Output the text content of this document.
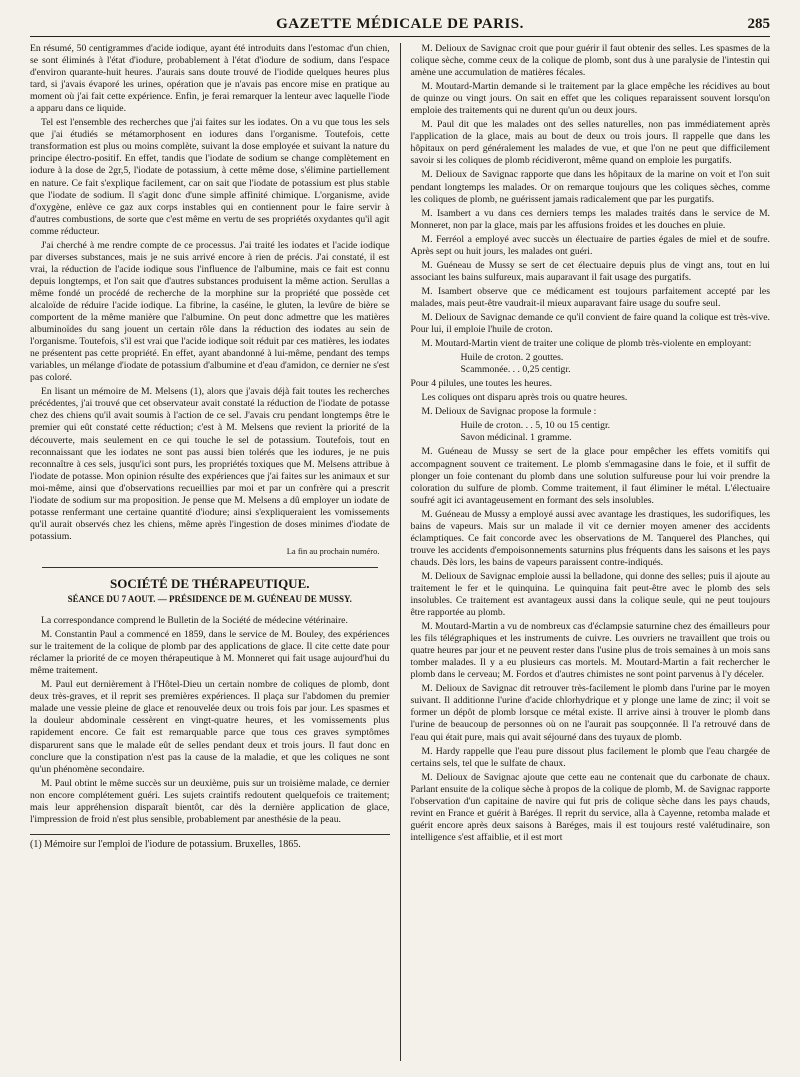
GAZETTE MÉDICALE DE PARIS.	285

En résumé, 50 centigrammes d'acide iodique, ayant été introduits dans l'estomac d'un chien, se sont éliminés à l'état d'iodure, probablement à l'état d'iodure de sodium, dans l'espace d'environ quarante-huit heures. J'aurais sans doute trouvé de l'iodide quelques heures plus tard, si j'avais évaporé les urines, opération que je n'avais pas encore mise en pratique au moment où j'ai fait cette expérience. Enfin, je ferai remarquer la lenteur avec laquelle l'iode a apparu dans ce liquide.

Tel est l'ensemble des recherches que j'ai faites sur les iodates. On a vu que tous les sels que j'ai étudiés se métamorphosent en iodures dans l'organisme. Toutefois, cette transformation est plus ou moins complète, suivant la dose employée et suivant la nature du principe électro-positif. En effet, tandis que l'iodate de sodium se change complètement en iodure à la dose de 2gr,5, l'iodate de potassium, à cette même dose, s'élimine partiellement en nature. Ce fait s'explique facilement, car on sait que l'iodate de potassium est plus stable que l'iodate de sodium. Il s'agit donc d'une simple affinité chimique. L'organisme, avide d'oxygène, enlève ce gaz aux corps instables qui en contiennent pour le faire servir à d'autres combustions, de sorte que c'est même en vertu de ses propriétés oxydantes qu'il agit comme réducteur.

J'ai cherché à me rendre compte de ce processus. J'ai traité les iodates et l'acide iodique par diverses substances, mais je ne suis arrivé encore à rien de précis. J'ai constaté, il est vrai, la réduction de l'acide iodique sous l'influence de l'albumine, mais ce fait est connu depuis longtemps, et l'on sait que d'autres substances produisent la même action. Serullas a même fondé un procédé de recherche de la morphine sur la propriété que possède cet alcaloïde de réduire l'acide iodique. La fibrine, la caséine, le gluten, la levûre de bière se comportent de la même manière que l'albumine. On peut donc admettre que les matières albuminoïdes du sang jouent un certain rôle dans la réduction des iodates au sein de l'organisme. Toutefois, s'il est vrai que l'acide iodique soit réduit par ces matières, les iodates ne présentent pas cette propriété. En effet, ayant abandonné à lui-même, pendant des temps variables, un mélange d'iodate de potassium d'albumine et d'eau d'amidon, ce dernier ne s'est pas coloré.

En lisant un mémoire de M. Melsens (1), alors que j'avais déjà fait toutes les recherches précédentes, j'ai trouvé que cet observateur avait constaté la réduction de l'iodate de potasse chez des chiens qu'il avait soumis à l'action de ce sel. J'avais cru pendant longtemps être le premier qui eût constaté cette réduction; c'est à M. Melsens que revient la priorité de la découverte, mais seulement en ce qui touche le sel de potassium. Toutefois, tout en reconnaissant que les iodates ne sont pas aussi bien tolérés que les iodures, je ne puis reconnaître à ces sels, jusqu'ici sont purs, les propriétés toxiques que M. Melsens attribue à l'iodate de potasse. Mon opinion résulte des expériences que j'ai faites sur les animaux et sur moi-même, ainsi que d'observations recueillies par moi et par un confrère qui a prescrit l'iodate de sodium sur ma proposition. Je pense que M. Melsens a dû employer un iodate de potasse renfermant une certaine quantité d'iodure; ainsi s'expliqueraient les vomissements qu'il aurait observés chez les chiens, même après l'ingestion de doses minimes d'iodate de potassium.

La fin au prochain numéro.
SOCIÉTÉ DE THÉRAPEUTIQUE.
SÉANCE DU 7 AOUT. — PRÉSIDENCE DE M. GUÉNEAU DE MUSSY.

La correspondance comprend le Bulletin de la Société de médecine vétérinaire.

M. Constantin Paul a commencé en 1859, dans le service de M. Bouley, des expériences sur le traitement de la colique de plomb par des applications de glace. Il cite cette date pour réclamer la priorité de ce moyen thérapeutique à M. Monneret qui fait usage aujourd'hui du même traitement.

M. Paul eut dernièrement à l'Hôtel-Dieu un certain nombre de coliques de plomb, dont deux très-graves, et il reprit ses premières expériences. Il plaça sur l'abdomen du premier malade une vessie pleine de glace et renouvelée deux ou trois fois par jour. Les spasmes et la douleur abdominale cessèrent en vingt-quatre heures, et les vomissements plus rapidement encore. Ce fait est remarquable parce que tous ces graves symptômes disparurent sans que le malade eût de selles pendant deux et trois jours. Il faut donc en conclure que la constipation n'est pas la cause de la maladie, et que les coliques ne sont qu'un phénomène secondaire.

M. Paul obtint le même succès sur un deuxième, puis sur un troisième malade, ce dernier non encore complétement guéri. Les sujets craintifs redoutent quelquefois ce traitement; mais leur appréhension disparaît bientôt, car dès la dernière application de glace, l'impression de froid n'est plus sensible, probablement par anesthésie de la peau.

(1) Mémoire sur l'emploi de l'iodure de potassium. Bruxelles, 1865.

M. Delioux de Savignac croit que pour guérir il faut obtenir des selles. Les spasmes de la colique sèche, comme ceux de la colique de plomb, sont dus à une paralysie de l'intestin qui amène une accumulation de matières fécales.

M. Moutard-Martin demande si le traitement par la glace empêche les récidives au bout de quinze ou vingt jours. On sait en effet que les coliques reparaissent souvent lorsqu'on emploie des traitements qui ne durent qu'un ou deux jours.

M. Paul dit que les malades ont des selles naturelles, non pas immédiatement après l'application de la glace, mais au bout de deux ou trois jours. Il rappelle que dans les hôpitaux on perd généralement les malades de vue, et que l'on ne peut que difficilement savoir si les coliques de plomb récidiveront, même quand on emploie les purgatifs.

M. Delioux de Savignac rapporte que dans les hôpitaux de la marine on voit et l'on suit pendant longtemps les malades. Or on remarque toujours que les coliques sèches, comme les coliques de plomb, ne guérissent jamais radicalement que par les purgatifs.

M. Isambert a vu dans ces derniers temps les malades traités dans le service de M. Monneret, non par la glace, mais par les affusions froides et les douches en pluie.

M. Ferréol a employé avec succès un électuaire de parties égales de miel et de soufre. Après sept ou huit jours, les malades ont guéri.

M. Guéneau de Mussy se sert de cet électuaire depuis plus de vingt ans, tout en lui associant les bains sulfureux, mais auparavant il fait usage des purgatifs.

M. Isambert observe que ce médicament est toujours parfaitement accepté par les malades, mais peut-être vaudrait-il mieux auparavant faire usage du soufre seul.

M. Delioux de Savignac demande ce qu'il convient de faire quand la colique est très-vive. Pour lui, il emploie l'huile de croton.

M. Moutard-Martin vient de traiter une colique de plomb très-violente en employant:

Huile de croton. 2 gouttes.
Scammonée. . . 0,25 centigr.

Pour 4 pilules, une toutes les heures.

Les coliques ont disparu après trois ou quatre heures.

M. Delioux de Savignac propose la formule :

Huile de croton. . . 5, 10 ou 15 centigr.
Savon médicinal. 1 gramme.

M. Guéneau de Mussy se sert de la glace pour empêcher les effets vomitifs qui accompagnent souvent ce traitement. Le plomb s'emmagasine dans le foie, et il suffit de plonger un foie contenant du plomb dans une solution sulfureuse pour lui voir prendre la coloration du sulfure de plomb. Comme traitement, il faut éliminer le métal. L'électuaire soufré agit ici avantageusement en formant des sels insolubles.

M. Guéneau de Mussy a employé aussi avec avantage les drastiques, les sudorifiques, les bains de vapeurs. Mais sur un malade il vit ce dernier moyen amener des accidents éclamptiques. Ce fait concorde avec les observations de M. Tanquerel des Planches, qui trouve les accidents d'empoisonnements saturnins plus fréquents dans les saisons et les pays chauds. Dès lors, les bains de vapeurs paraissent contre-indiqués.

M. Delioux de Savignac emploie aussi la belladone, qui donne des selles; puis il ajoute au traitement le fer et le quinquina. Le quinquina fait peut-être avec le plomb des sels insolubles. Ce traitement est avantageux aussi dans la colique seule, qui ne peut toujours être rapportée au plomb.

M. Moutard-Martin a vu de nombreux cas d'éclampsie saturnine chez des émailleurs pour les fils télégraphiques et les instruments de cuivre. Les ouvriers ne travaillent que trois ou quatre heures par jour et ne peuvent rester dans l'usine plus de trois semaines à un mois sans tomber malades. Il y a eu plusieurs cas mortels. M. Moutard-Martin a fait rechercher le plomb dans le cerveau; M. Fordos et d'autres chimistes ne sont point parvenus à l'y déceler.

M. Delioux de Savignac dit retrouver très-facilement le plomb dans l'urine par le moyen suivant. Il additionne l'urine d'acide chlorhydrique et y plonge une lame de zinc; il voit se former un dépôt de plomb lorsque ce métal existe. Il arrive ainsi à trouver le plomb dans l'urine de beaucoup de personnes où on ne l'aurait pas soupçonnée. Il l'a retrouvé dans de l'eau qui était pure, mais qui avait séjourné dans des tuyaux de plomb.

M. Hardy rappelle que l'eau pure dissout plus facilement le plomb que l'eau chargée de certains sels, tel que le sulfate de chaux.

M. Delioux de Savignac ajoute que cette eau ne contenait que du carbonate de chaux. Parlant ensuite de la colique sèche à propos de la colique de plomb, M. de Savignac rapporte l'observation d'un capitaine de navire qui fut pris de colique sèche dans les pays chauds, revint en France et guérit à Baréges. Il reprit du service, alla à Cayenne, retomba malade et guérit encore après deux saisons à Baréges, mais il est toujours resté valétudinaire, son intelligence s'est affaiblie, et il est mort
